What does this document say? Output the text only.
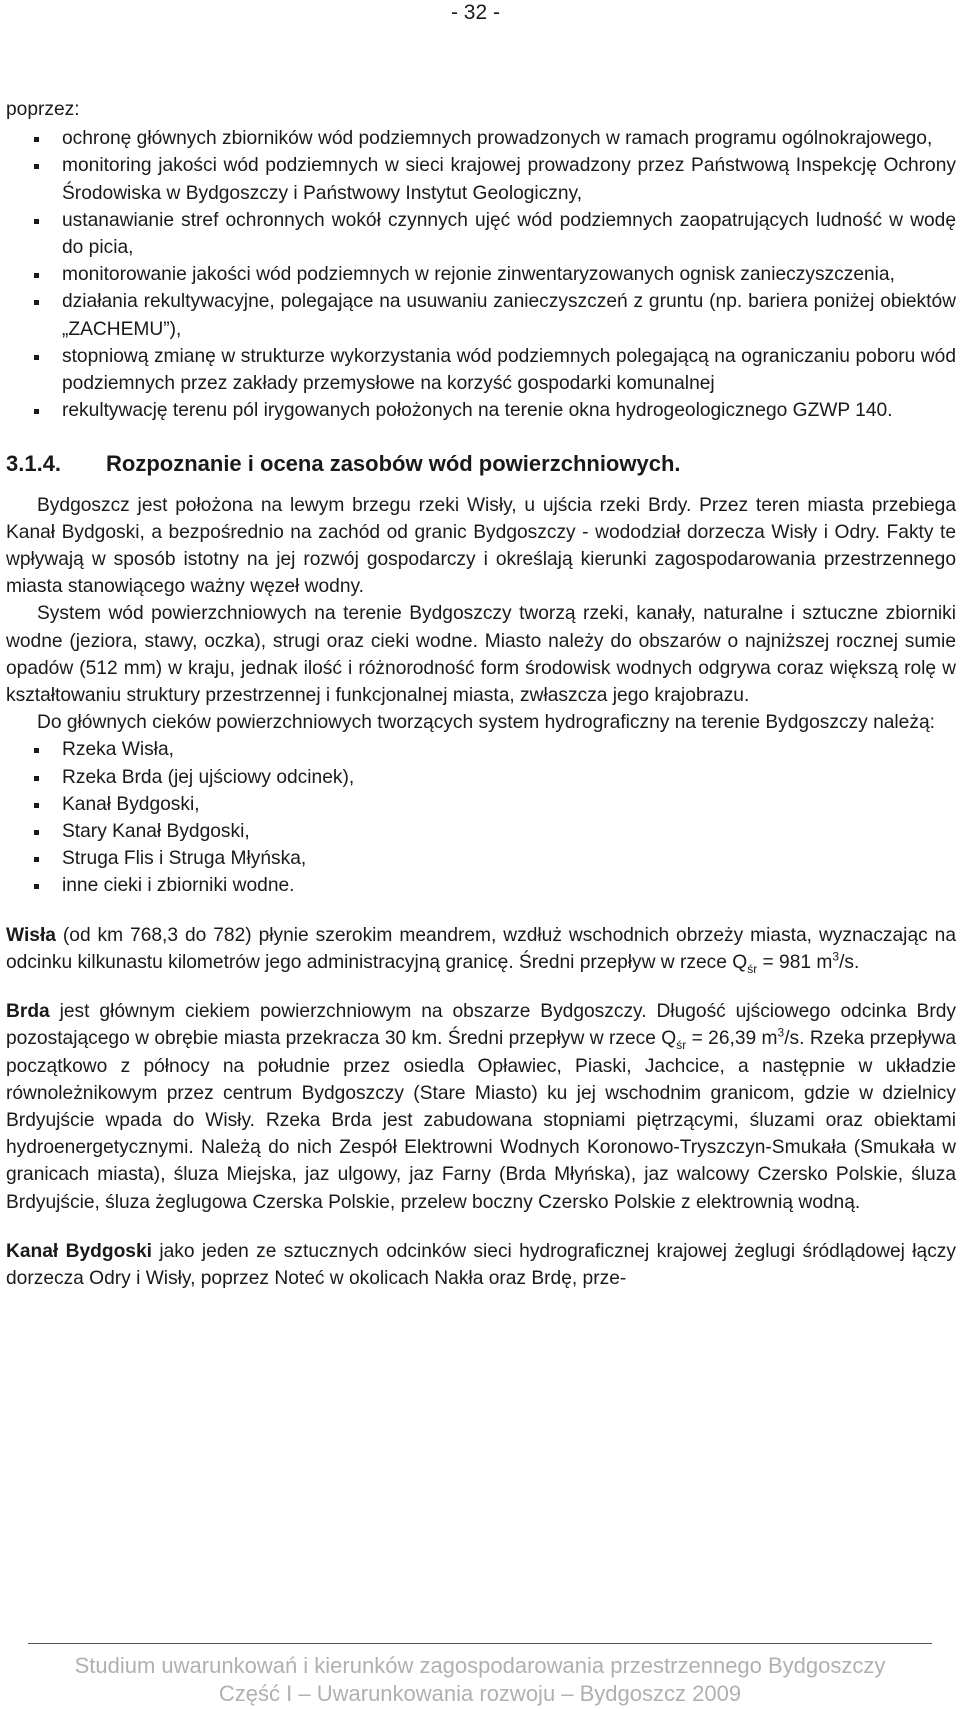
- 32 -

poprzez:

ochronę głównych zbiorników wód podziemnych prowadzonych w ramach programu ogólnokrajowego,
monitoring jakości wód podziemnych w sieci krajowej prowadzony przez Państwową Inspekcję Ochrony Środowiska w Bydgoszczy i Państwowy Instytut Geologiczny,
ustanawianie stref ochronnych wokół czynnych ujęć wód podziemnych zaopatrujących ludność w wodę do picia,
monitorowanie jakości wód podziemnych w rejonie zinwentaryzowanych ognisk zanieczyszczenia,
działania rekultywacyjne, polegające na usuwaniu zanieczyszczeń z gruntu (np. bariera poniżej obiektów „ZACHEMU”),
stopniową zmianę w strukturze wykorzystania wód podziemnych polegającą na ograniczaniu poboru wód podziemnych przez zakłady przemysłowe na korzyść gospodarki komunalnej
rekultywację terenu pól irygowanych położonych na terenie okna hydrogeologicznego GZWP 140.
3.1.4.	Rozpoznanie i ocena zasobów wód powierzchniowych.

Bydgoszcz jest położona na lewym brzegu rzeki Wisły, u ujścia rzeki Brdy. Przez teren miasta przebiega Kanał Bydgoski, a bezpośrednio na zachód od granic Bydgoszczy - wododział dorzecza Wisły i Odry. Fakty te wpływają w sposób istotny na jej rozwój gospodarczy i określają kierunki zagospodarowania przestrzennego miasta stanowiącego ważny węzeł wodny.

System wód powierzchniowych na terenie Bydgoszczy tworzą rzeki, kanały, naturalne i sztuczne zbiorniki wodne (jeziora, stawy, oczka), strugi oraz cieki wodne. Miasto należy do obszarów o najniższej rocznej sumie opadów (512 mm) w kraju, jednak ilość i różnorodność form środowisk wodnych odgrywa coraz większą rolę w kształtowaniu struktury przestrzennej i funkcjonalnej miasta, zwłaszcza jego krajobrazu.

Do głównych cieków powierzchniowych tworzących system hydrograficzny na terenie Bydgoszczy należą:

Rzeka Wisła,
Rzeka Brda (jej ujściowy odcinek),
Kanał Bydgoski,
Stary Kanał Bydgoski,
Struga Flis i Struga Młyńska,
inne cieki i zbiorniki wodne.

Wisła (od km 768,3 do 782) płynie szerokim meandrem, wzdłuż wschodnich obrzeży miasta, wyznaczając na odcinku kilkunastu kilometrów jego administracyjną granicę. Średni przepływ w rzece $Q_{śr} = 981$ $m^3/s$.

Brda jest głównym ciekiem powierzchniowym na obszarze Bydgoszczy. Długość ujściowego odcinka Brdy pozostającego w obrębie miasta przekracza 30 km. Średni przepływ w rzece $Q_{śr} = 26,39$ $m^3/s$. Rzeka przepływa początkowo z północy na południe przez osiedla Opławiec, Piaski, Jachcice, a następnie w układzie równoleżnikowym przez centrum Bydgoszczy (Stare Miasto) ku jej wschodnim granicom, gdzie w dzielnicy Brdyujście wpada do Wisły. Rzeka Brda jest zabudowana stopniami piętrzącymi, śluzami oraz obiektami hydroenergetycznymi. Należą do nich Zespół Elektrowni Wodnych Koronowo-Tryszczyn-Smukała (Smukała w granicach miasta), śluza Miejska, jaz ulgowy, jaz Farny (Brda Młyńska), jaz walcowy Czersko Polskie, śluza Brdyujście, śluza żeglugowa Czerska Polskie, przelew boczny Czersko Polskie z elektrownią wodną.

Kanał Bydgoski jako jeden ze sztucznych odcinków sieci hydrograficznej krajowej żeglugi śródlądowej łączy dorzecza Odry i Wisły, poprzez Noteć w okolicach Nakła oraz Brdę, prze-

Studium uwarunkowań i kierunków zagospodarowania przestrzennego Bydgoszczy
Część I – Uwarunkowania rozwoju – Bydgoszcz 2009
